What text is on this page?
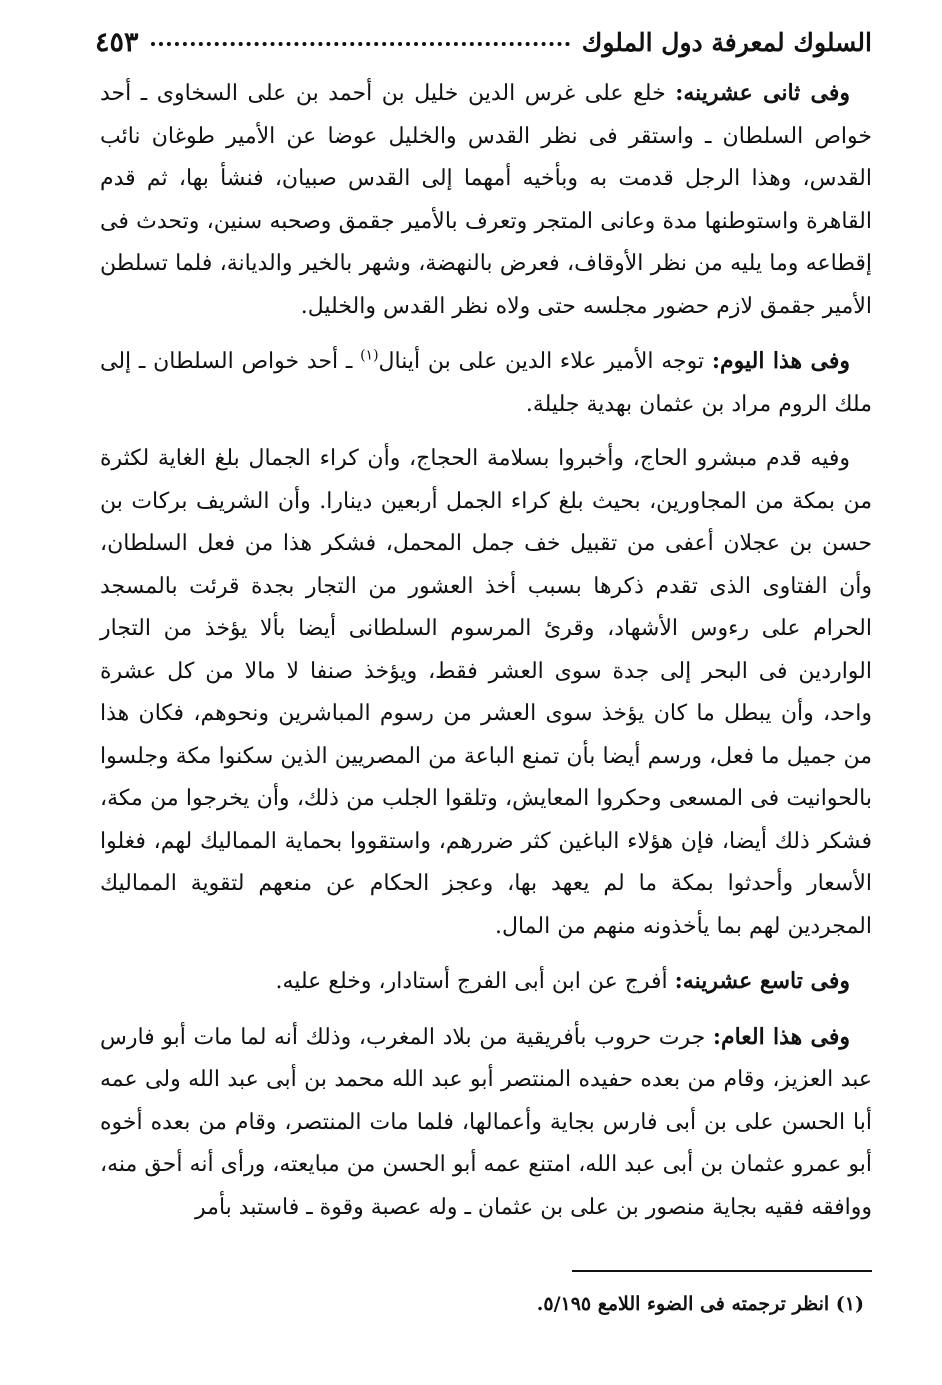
السلوك لمعرفة دول الملوك
٤٥٣

وفى ثانى عشرينه: خلع على غرس الدين خليل بن أحمد بن على السخاوى ـ أحد خواص السلطان ـ واستقر فى نظر القدس والخليل عوضا عن الأمير طوغان نائب القدس، وهذا الرجل قدمت به وبأخيه أمهما إلى القدس صبيان، فنشأ بها، ثم قدم القاهرة واستوطنها مدة وعانى المتجر وتعرف بالأمير جقمق وصحبه سنين، وتحدث فى إقطاعه وما يليه من نظر الأوقاف، فعرض بالنهضة، وشهر بالخير والديانة، فلما تسلطن الأمير جقمق لازم حضور مجلسه حتى ولاه نظر القدس والخليل.

وفى هذا اليوم: توجه الأمير علاء الدين على بن أينال$^{(١)}$ ـ أحد خواص السلطان ـ إلى ملك الروم مراد بن عثمان بهدية جليلة.

وفيه قدم مبشرو الحاج، وأخبروا بسلامة الحجاج، وأن كراء الجمال بلغ الغاية لكثرة من بمكة من المجاورين، بحيث بلغ كراء الجمل أربعين دينارا. وأن الشريف بركات بن حسن بن عجلان أعفى من تقبيل خف جمل المحمل، فشكر هذا من فعل السلطان، وأن الفتاوى الذى تقدم ذكرها بسبب أخذ العشور من التجار بجدة قرئت بالمسجد الحرام على رءوس الأشهاد، وقرئ المرسوم السلطانى أيضا بألا يؤخذ من التجار الواردين فى البحر إلى جدة سوى العشر فقط، ويؤخذ صنفا لا مالا من كل عشرة واحد، وأن يبطل ما كان يؤخذ سوى العشر من رسوم المباشرين ونحوهم، فكان هذا من جميل ما فعل، ورسم أيضا بأن تمنع الباعة من المصريين الذين سكنوا مكة وجلسوا بالحوانيت فى المسعى وحكروا المعايش، وتلقوا الجلب من ذلك، وأن يخرجوا من مكة، فشكر ذلك أيضا، فإن هؤلاء الباغين كثر ضررهم، واستقووا بحماية المماليك لهم، فغلوا الأسعار وأحدثوا بمكة ما لم يعهد بها، وعجز الحكام عن منعهم لتقوية المماليك المجردين لهم بما يأخذونه منهم من المال.

وفى تاسع عشرينه: أفرج عن ابن أبى الفرج أستادار، وخلع عليه.

وفى هذا العام: جرت حروب بأفريقية من بلاد المغرب، وذلك أنه لما مات أبو فارس عبد العزيز، وقام من بعده حفيده المنتصر أبو عبد الله محمد بن أبى عبد الله ولى عمه أبا الحسن على بن أبى فارس بجاية وأعمالها، فلما مات المنتصر، وقام من بعده أخوه أبو عمرو عثمان بن أبى عبد الله، امتنع عمه أبو الحسن من مبايعته، ورأى أنه أحق منه، ووافقه فقيه بجاية منصور بن على بن عثمان ـ وله عصبة وقوة ـ فاستبد بأمر

(١) انظر ترجمته فى الضوء اللامع ٥/١٩٥.
